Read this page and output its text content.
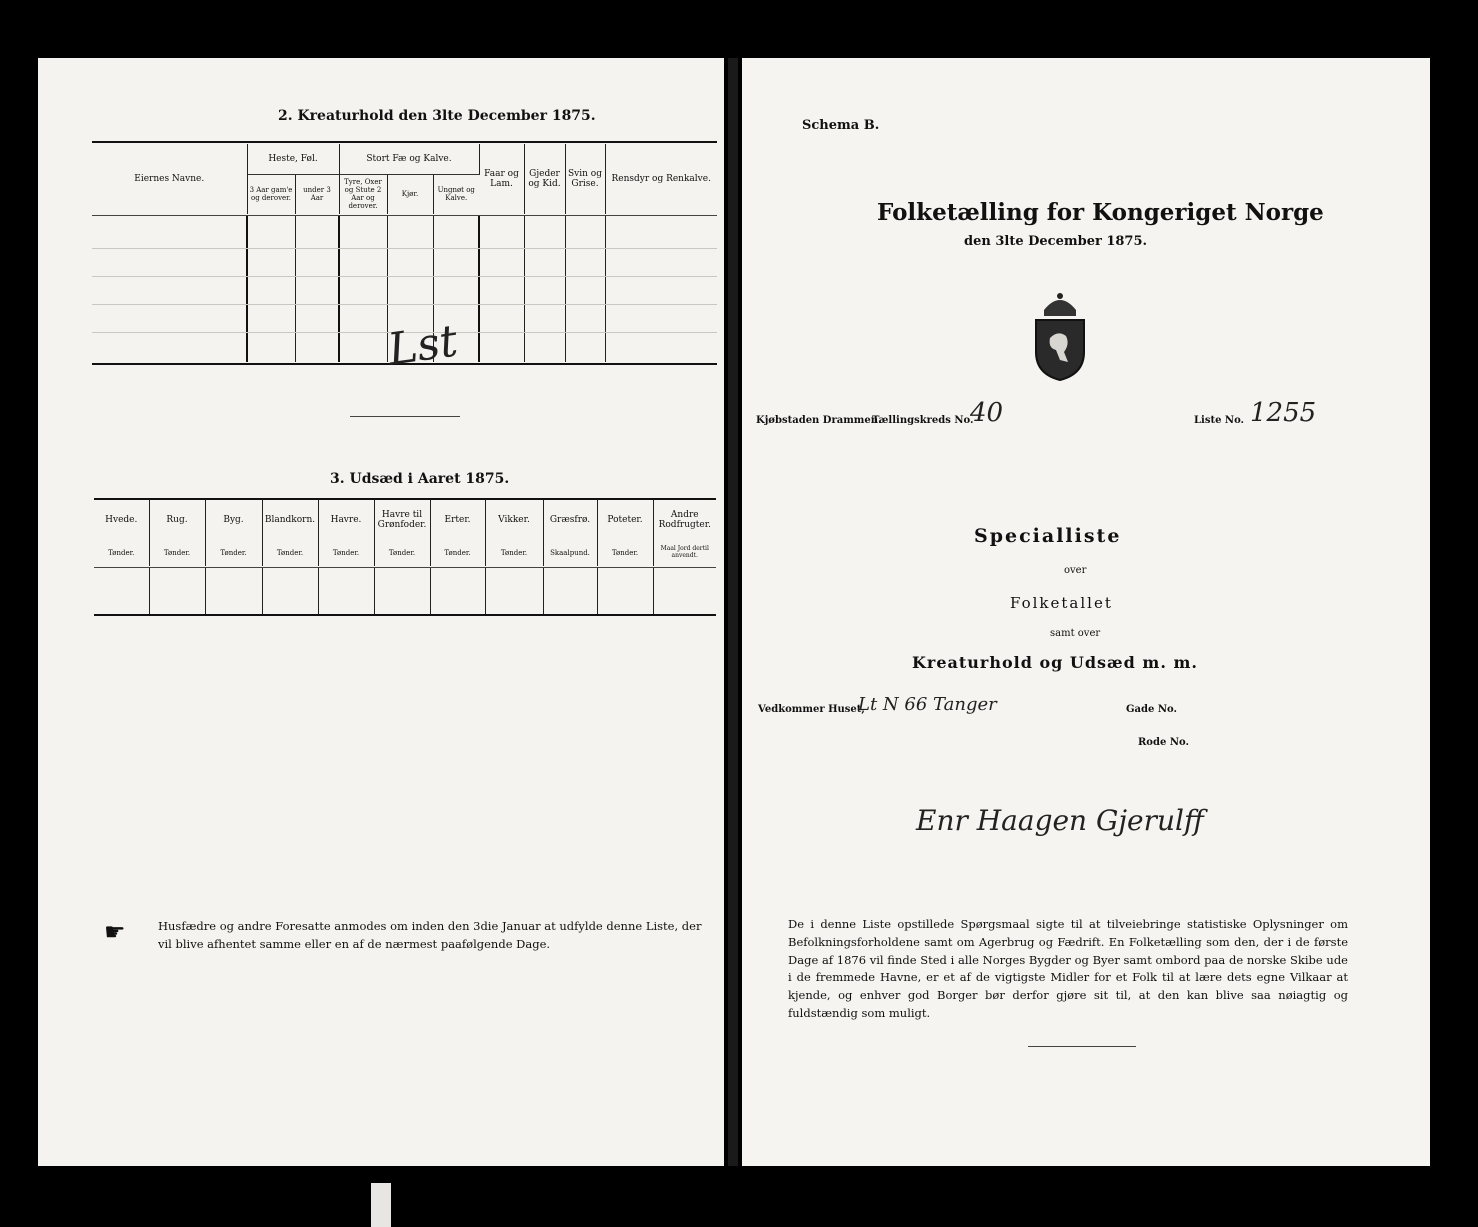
2. Kreaturhold den 3lte December 1875.
Eiernes Navne.	Heste, Føl.		Stort Fæ og Kalve.			Faar og Lam.	Gjeder og Kid.	Svin og Grise.	Rensdyr og Renkalve.
	3 Aar gam'e og derover.	under 3 Aar	Tyre, Oxer og Stute 2 Aar og derover.	Kjør.	Ungnøt og Kalve.				

Lst
3. Udsæd i Aaret 1875.
Hvede.	Rug.	Byg.	Blandkorn.	Havre.	Havre til Grønfoder.	Erter.	Vikker.	Græsfrø.	Poteter.	Andre Rodfrugter.
Tønder.	Tønder.	Tønder.	Tønder.	Tønder.	Tønder.	Tønder.	Tønder.	Skaalpund.	Tønder.	Maal Jord dertil anvendt.

☛	Husfædre og andre Foresatte anmodes om inden den 3die Januar at udfylde denne Liste, der vil blive afhentet samme eller en af de nærmest paafølgende Dage.
Schema B.
Folketælling for Kongeriget Norge
den 3lte December 1875.
Kjøbstaden Drammen.
Tællingskreds No.
40	Liste No. 1255
Specialliste
over
Folketallet
samt over
Kreaturhold og Udsæd m. m.
Vedkommer Huset,
Lt N 66 Tanger	Gade No.
Rode No.
Enr Haagen Gjerulff
De i denne Liste opstillede Spørgsmaal sigte til at tilveiebringe statistiske Oplysninger om Befolkningsforholdene samt om Agerbrug og Fædrift. En Folketælling som den, der i de første Dage af 1876 vil finde Sted i alle Norges Bygder og Byer samt ombord paa de norske Skibe ude i de fremmede Havne, er et af de vigtigste Midler for et Folk til at lære dets egne Vilkaar at kjende, og enhver god Borger bør derfor gjøre sit til, at den kan blive saa nøiagtig og fuldstændig som muligt.
